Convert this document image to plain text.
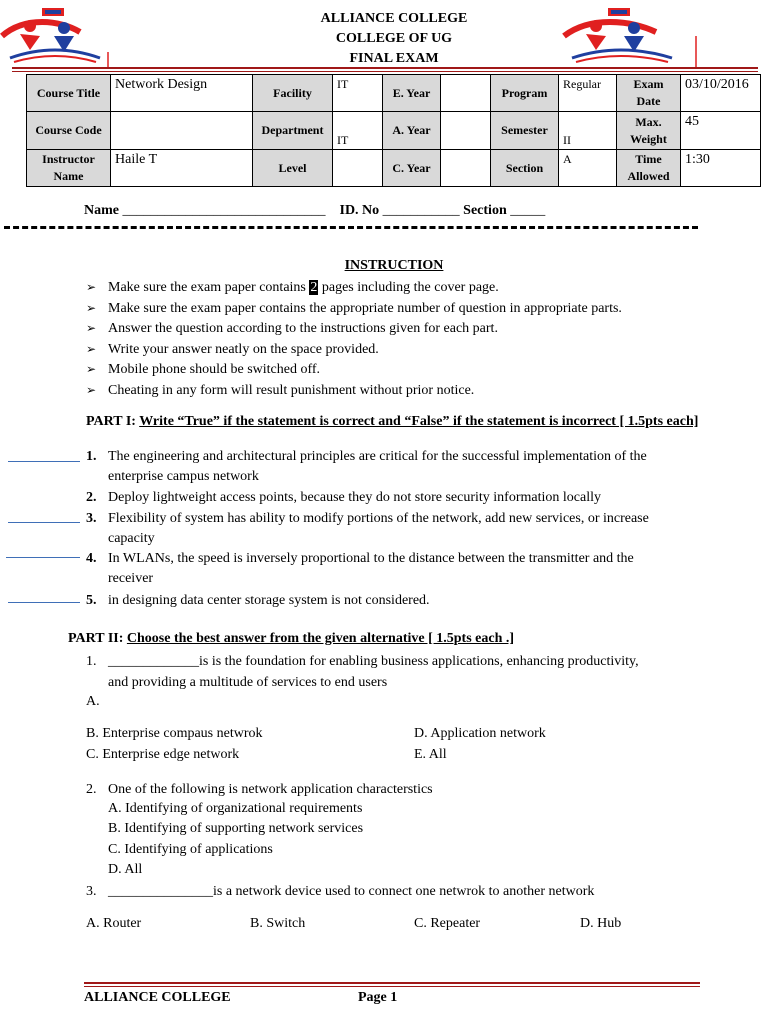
ALLIANCE COLLEGE
COLLEGE OF UG
FINAL EXAM
Course Title	Network Design	Facility	IT	E. Year		Program	Regular	Exam Date	03/10/2016
Course Code		Department	IT	A. Year		Semester	II	Max. Weight	45
Instructor Name	Haile T	Level		C. Year		Section	A	Time Allowed	1:30
Name _____________________________ ID. No ___________ Section _____
INSTRUCTION
➢ Make sure the exam paper contains 2 pages including the cover page.
➢ Make sure the exam paper contains the appropriate number of question in appropriate parts.
➢ Answer the question according to the instructions given for each part.
➢ Write your answer neatly on the space provided.
➢ Mobile phone should be switched off.
➢ Cheating in any form will result punishment without prior notice.
PART I: Write “True” if the statement is correct and “False” if the statement is incorrect [ 1.5pts each]
1. The engineering and architectural principles are critical for the successful implementation of the
enterprise campus network
2. Deploy lightweight access points, because they do not store security information locally
3. Flexibility of system has ability to modify portions of the network, add new services, or increase
capacity
4. In WLANs, the speed is inversely proportional to the distance between the transmitter and the
receiver
5. in designing data center storage system is not considered.
PART II: Choose the best answer from the given alternative [ 1.5pts each .]
1. _____________is is the foundation for enabling business applications, enhancing productivity,
and providing a multitude of services to end users
A.
B. Enterprise compaus netwrok
C. Enterprise edge network
D. Application network
E. All
2. One of the following is network application characterstics
A. Identifying of organizational requirements
B. Identifying of supporting network services
C. Identifying of applications
D. All
3. _______________is a network device used to connect one netwrok to another network
A. Router	B. Switch	C. Repeater	D. Hub
ALLIANCE COLLEGE	Page 1
